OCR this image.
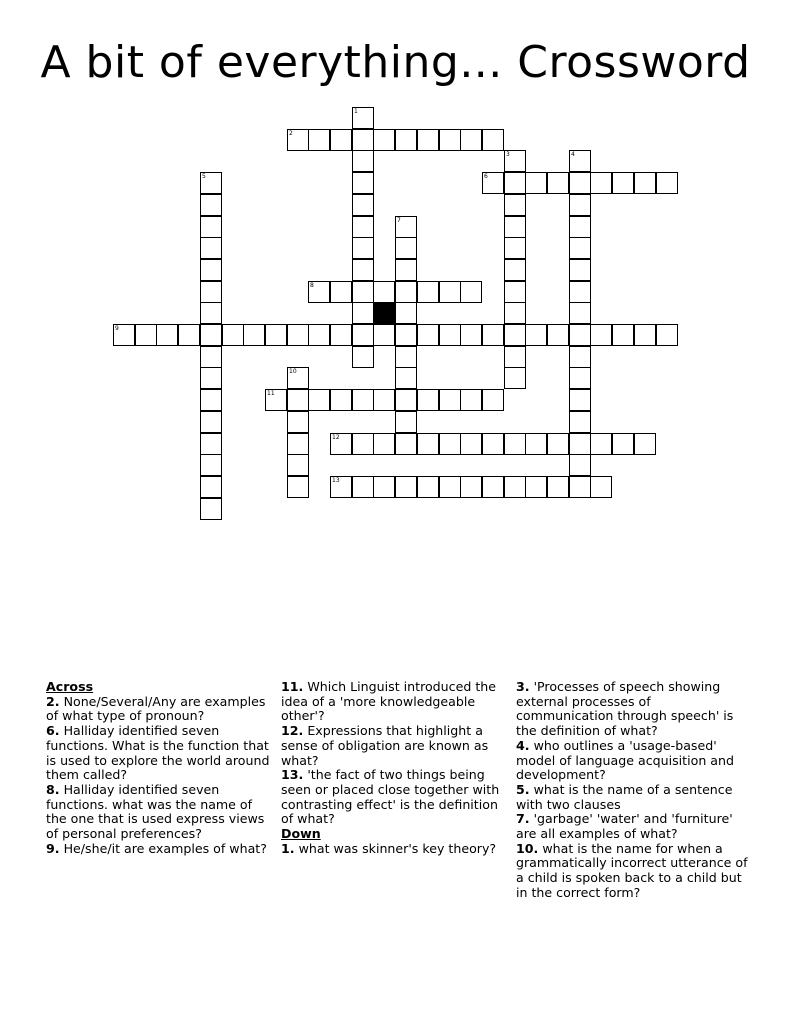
A bit of everything... Crossword
1
2
3	4
5	6
7
8
9
10
11
12
13

Across

2. None/Several/Any are examples of what type of pronoun?

6. Halliday identified seven functions. What is the function that is used to explore the world around them called?

8. Halliday identified seven functions. what was the name of the one that is used express views of personal preferences?

9. He/she/it are examples of what?

11. Which Linguist introduced the idea of a 'more knowledgeable other'?

12. Expressions that highlight a sense of obligation are known as what?

13. 'the fact of two things being seen or placed close together with contrasting effect' is the definition of what?

Down

1. what was skinner's key theory?

3. 'Processes of speech showing external processes of communication through speech' is the definition of what?

4. who outlines a 'usage-based' model of language acquisition and development?

5. what is the name of a sentence with two clauses

7. 'garbage' 'water' and 'furniture' are all examples of what?

10. what is the name for when a grammatically incorrect utterance of a child is spoken back to a child but in the correct form?
